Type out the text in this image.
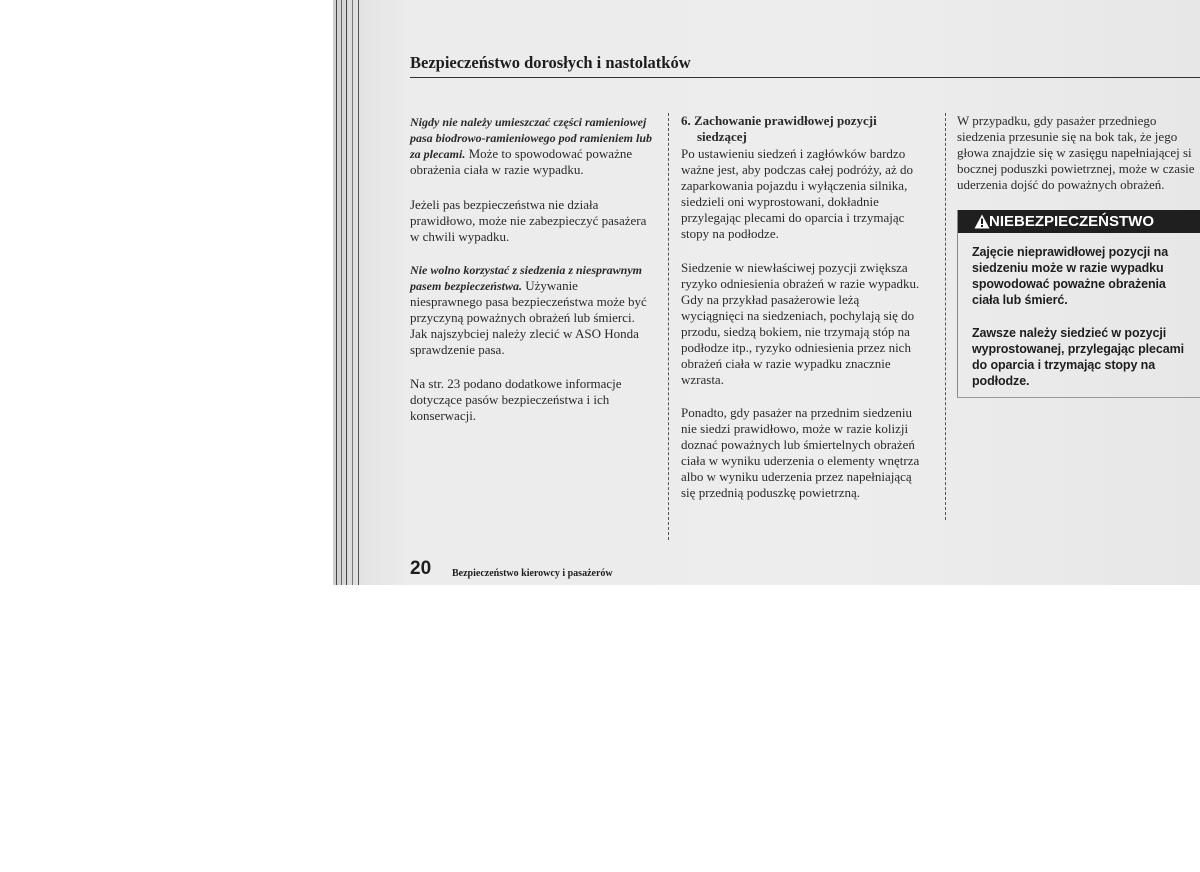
Bezpieczeństwo dorosłych i nastolatków
Nigdy nie należy umieszczać części ramieniowej
pasa biodrowo-ramieniowego pod ramieniem lub
za plecami. Może to spowodować poważne
obrażenia ciała w razie wypadku.
Jeżeli pas bezpieczeństwa nie działa
prawidłowo, może nie zabezpieczyć pasażera
w chwili wypadku.
Nie wolno korzystać z siedzenia z niesprawnym
pasem bezpieczeństwa. Używanie
niesprawnego pasa bezpieczeństwa może być
przyczyną poważnych obrażeń lub śmierci.
Jak najszybciej należy zlecić w ASO Honda
sprawdzenie pasa.
Na str. 23 podano dodatkowe informacje
dotyczące pasów bezpieczeństwa i ich
konserwacji.
6. Zachowanie prawidłowej pozycji
siedzącej
Po ustawieniu siedzeń i zagłówków bardzo
ważne jest, aby podczas całej podróży, aż do
zaparkowania pojazdu i wyłączenia silnika,
siedzieli oni wyprostowani, dokładnie
przylegając plecami do oparcia i trzymając
stopy na podłodze.
Siedzenie w niewłaściwej pozycji zwiększa
ryzyko odniesienia obrażeń w razie wypadku.
Gdy na przykład pasażerowie leżą
wyciągnięci na siedzeniach, pochylają się do
przodu, siedzą bokiem, nie trzymają stóp na
podłodze itp., ryzyko odniesienia przez nich
obrażeń ciała w razie wypadku znacznie
wzrasta.
Ponadto, gdy pasażer na przednim siedzeniu
nie siedzi prawidłowo, może w razie kolizji
doznać poważnych lub śmiertelnych obrażeń
ciała w wyniku uderzenia o elementy wnętrza
albo w wyniku uderzenia przez napełniającą
się przednią poduszkę powietrzną.
W przypadku, gdy pasażer przedniego
siedzenia przesunie się na bok tak, że jego
głowa znajdzie się w zasięgu napełniającej si
bocznej poduszki powietrznej, może w czasie
uderzenia dojść do poważnych obrażeń.
NIEBEZPIECZEŃSTWO
Zajęcie nieprawidłowej pozycji na
siedzeniu może w razie wypadku
spowodować poważne obrażenia
ciała lub śmierć.
Zawsze należy siedzieć w pozycji
wyprostowanej, przylegając plecami
do oparcia i trzymając stopy na
podłodze.
20 Bezpieczeństwo kierowcy i pasażerów
